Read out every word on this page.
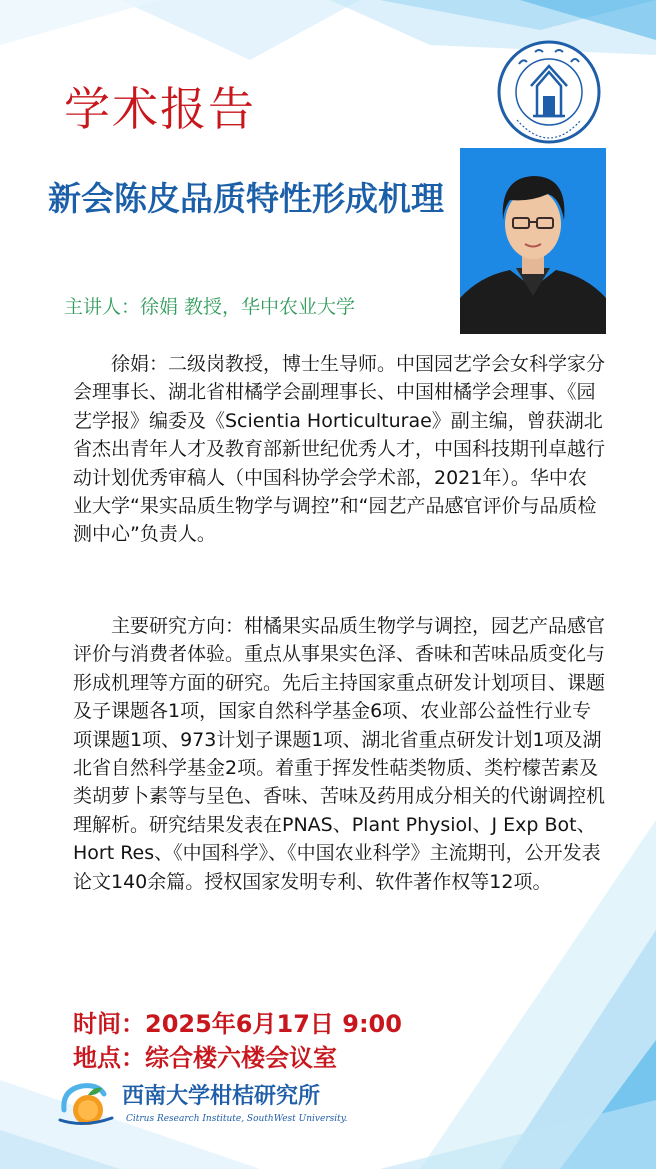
学术报告
新会陈皮品质特性形成机理
主讲人：徐娟 教授，华中农业大学

徐娟：二级岗教授，博士生导师。中国园艺学会女科学家分会理事长、湖北省柑橘学会副理事长、中国柑橘学会理事、《园艺学报》编委及《Scientia Horticulturae》副主编，曾获湖北省杰出青年人才及教育部新世纪优秀人才，中国科技期刊卓越行动计划优秀审稿人（中国科协学会学术部，2021年）。华中农业大学“果实品质生物学与调控”和“园艺产品感官评价与品质检测中心”负责人。

主要研究方向：柑橘果实品质生物学与调控，园艺产品感官评价与消费者体验。重点从事果实色泽、香味和苦味品质变化与形成机理等方面的研究。先后主持国家重点研发计划项目、课题及子课题各1项，国家自然科学基金6项、农业部公益性行业专项课题1项、973计划子课题1项、湖北省重点研发计划1项及湖北省自然科学基金2项。着重于挥发性萜类物质、类柠檬苦素及类胡萝卜素等与呈色、香味、苦味及药用成分相关的代谢调控机理解析。研究结果发表在PNAS、Plant Physiol、J Exp Bot、Hort Res、《中国科学》、《中国农业科学》主流期刊，公开发表论文140余篇。授权国家发明专利、软件著作权等12项。

时间：2025年6月17日 9:00
地点：综合楼六楼会议室
西南大学柑桔研究所
Citrus Research Institute, SouthWest University.
